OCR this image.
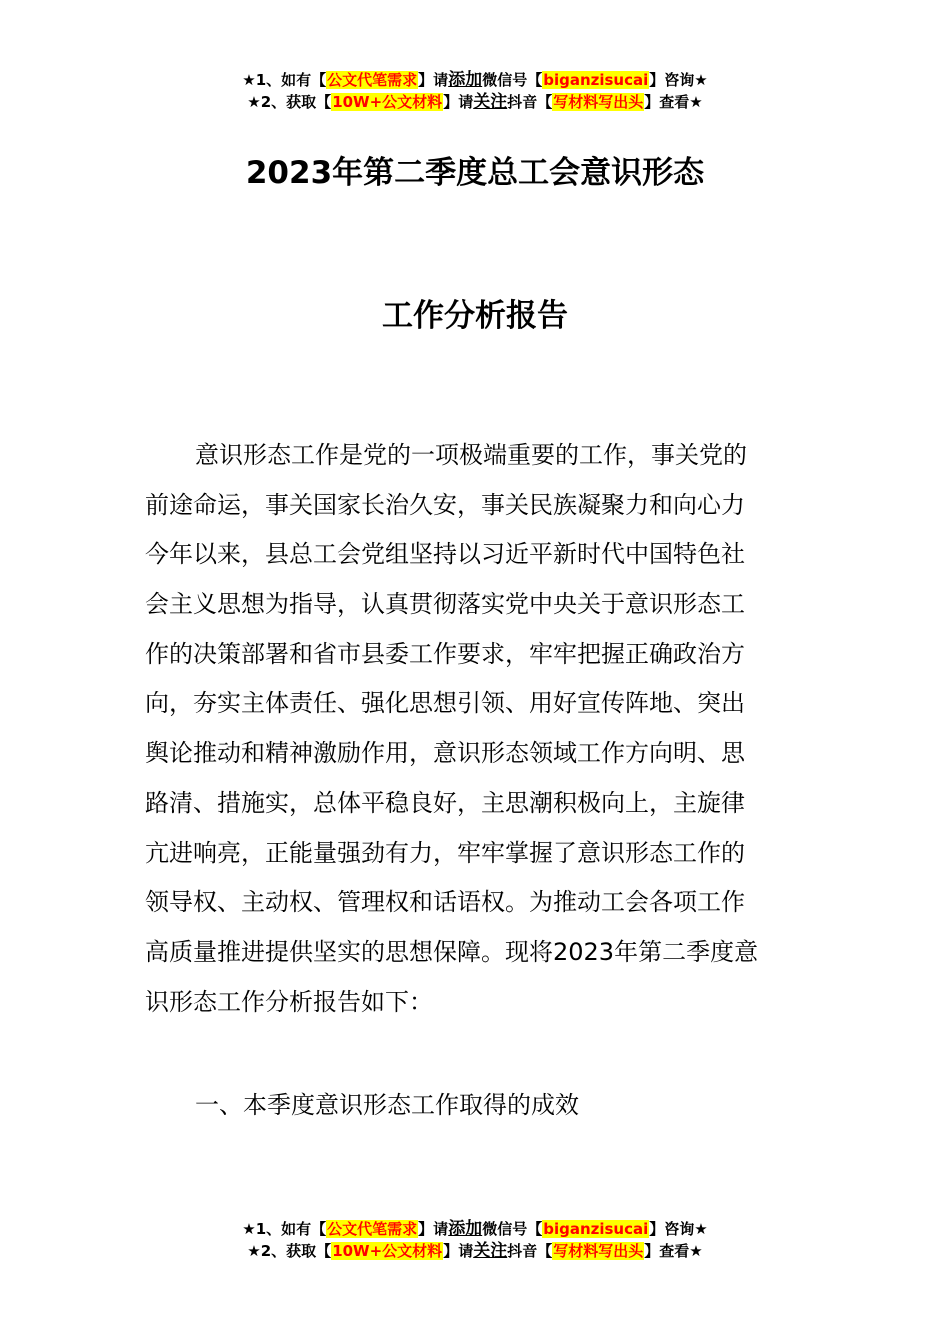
★1、如有【公文代笔需求】请添加微信号【biganzisucai】咨询★
★2、获取【10W+公文材料】请关注抖音【写材料写出头】查看★
2023年第二季度总工会意识形态
工作分析报告
意识形态工作是党的一项极端重要的工作，事关党的
前途命运，事关国家长治久安，事关民族凝聚力和向心力
今年以来，县总工会党组坚持以习近平新时代中国特色社
会主义思想为指导，认真贯彻落实党中央关于意识形态工
作的决策部署和省市县委工作要求，牢牢把握正确政治方
向，夯实主体责任、强化思想引领、用好宣传阵地、突出
舆论推动和精神激励作用，意识形态领域工作方向明、思
路清、措施实，总体平稳良好，主思潮积极向上，主旋律
亢进响亮，正能量强劲有力，牢牢掌握了意识形态工作的
领导权、主动权、管理权和话语权。为推动工会各项工作
高质量推进提供坚实的思想保障。现将2023年第二季度意
识形态工作分析报告如下：
一、本季度意识形态工作取得的成效
★1、如有【公文代笔需求】请添加微信号【biganzisucai】咨询★
★2、获取【10W+公文材料】请关注抖音【写材料写出头】查看★
